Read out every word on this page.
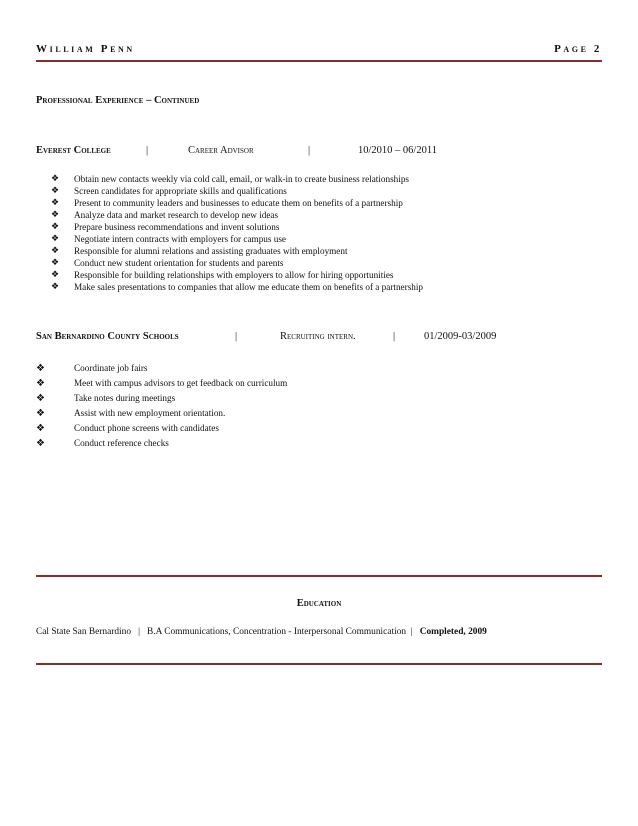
William Penn	Page 2
Professional Experience – Continued
Everest College	|	Career Advisor	|	10/2010 – 06/2011
❖ Obtain new contacts weekly via cold call, email, or walk-in to create business relationships
❖ Screen candidates for appropriate skills and qualifications
❖ Present to community leaders and businesses to educate them on benefits of a partnership
❖ Analyze data and market research to develop new ideas
❖ Prepare business recommendations and invent solutions
❖ Negotiate intern contracts with employers for campus use
❖ Responsible for alumni relations and assisting graduates with employment
❖ Conduct new student orientation for students and parents
❖ Responsible for building relationships with employers to allow for hiring opportunities
❖ Make sales presentations to companies that allow me educate them on benefits of a partnership
San Bernardino County Schools	|	Recruiting intern.	|	01/2009-03/2009
❖	Coordinate job fairs
❖	Meet with campus advisors to get feedback on curriculum
❖	Take notes during meetings
❖	Assist with new employment orientation.
❖	Conduct phone screens with candidates
❖	Conduct reference checks
Education
Cal State San Bernardino | B.A Communications, Concentration - Interpersonal Communication | Completed, 2009
